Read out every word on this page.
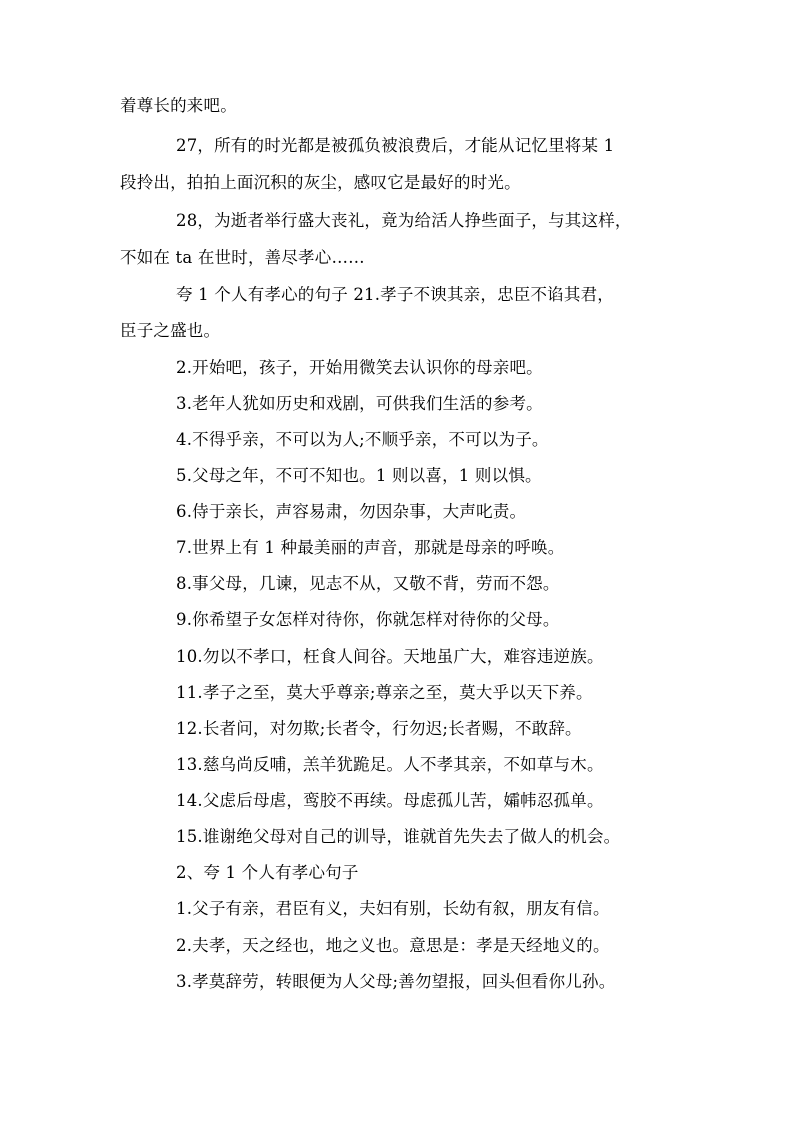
着尊长的来吧。
27，所有的时光都是被孤负被浪费后，才能从记忆里将某 1
段拎出，拍拍上面沉积的灰尘，感叹它是最好的时光。
28，为逝者举行盛大丧礼，竟为给活人挣些面子，与其这样，
不如在 ta 在世时，善尽孝心……
夸 1 个人有孝心的句子 21.孝子不谀其亲，忠臣不谄其君，
臣子之盛也。
2.开始吧，孩子，开始用微笑去认识你的母亲吧。
3.老年人犹如历史和戏剧，可供我们生活的参考。
4.不得乎亲，不可以为人;不顺乎亲，不可以为子。
5.父母之年，不可不知也。1 则以喜，1 则以惧。
6.侍于亲长，声容易肃，勿因杂事，大声叱责。
7.世界上有 1 种最美丽的声音，那就是母亲的呼唤。
8.事父母，几谏，见志不从，又敬不背，劳而不怨。
9.你希望子女怎样对待你，你就怎样对待你的父母。
10.勿以不孝口，枉食人间谷。天地虽广大，难容违逆族。
11.孝子之至，莫大乎尊亲;尊亲之至，莫大乎以天下养。
12.长者问，对勿欺;长者令，行勿迟;长者赐，不敢辞。
13.慈乌尚反哺，羔羊犹跪足。人不孝其亲，不如草与木。
14.父虑后母虐，鸾胶不再续。母虑孤儿苦，孀帏忍孤单。
15.谁谢绝父母对自己的训导，谁就首先失去了做人的机会。
2、夸 1 个人有孝心句子
1.父子有亲，君臣有义，夫妇有别，长幼有叙，朋友有信。
2.夫孝，天之经也，地之义也。意思是：孝是天经地义的。
3.孝莫辞劳，转眼便为人父母;善勿望报，回头但看你儿孙。
